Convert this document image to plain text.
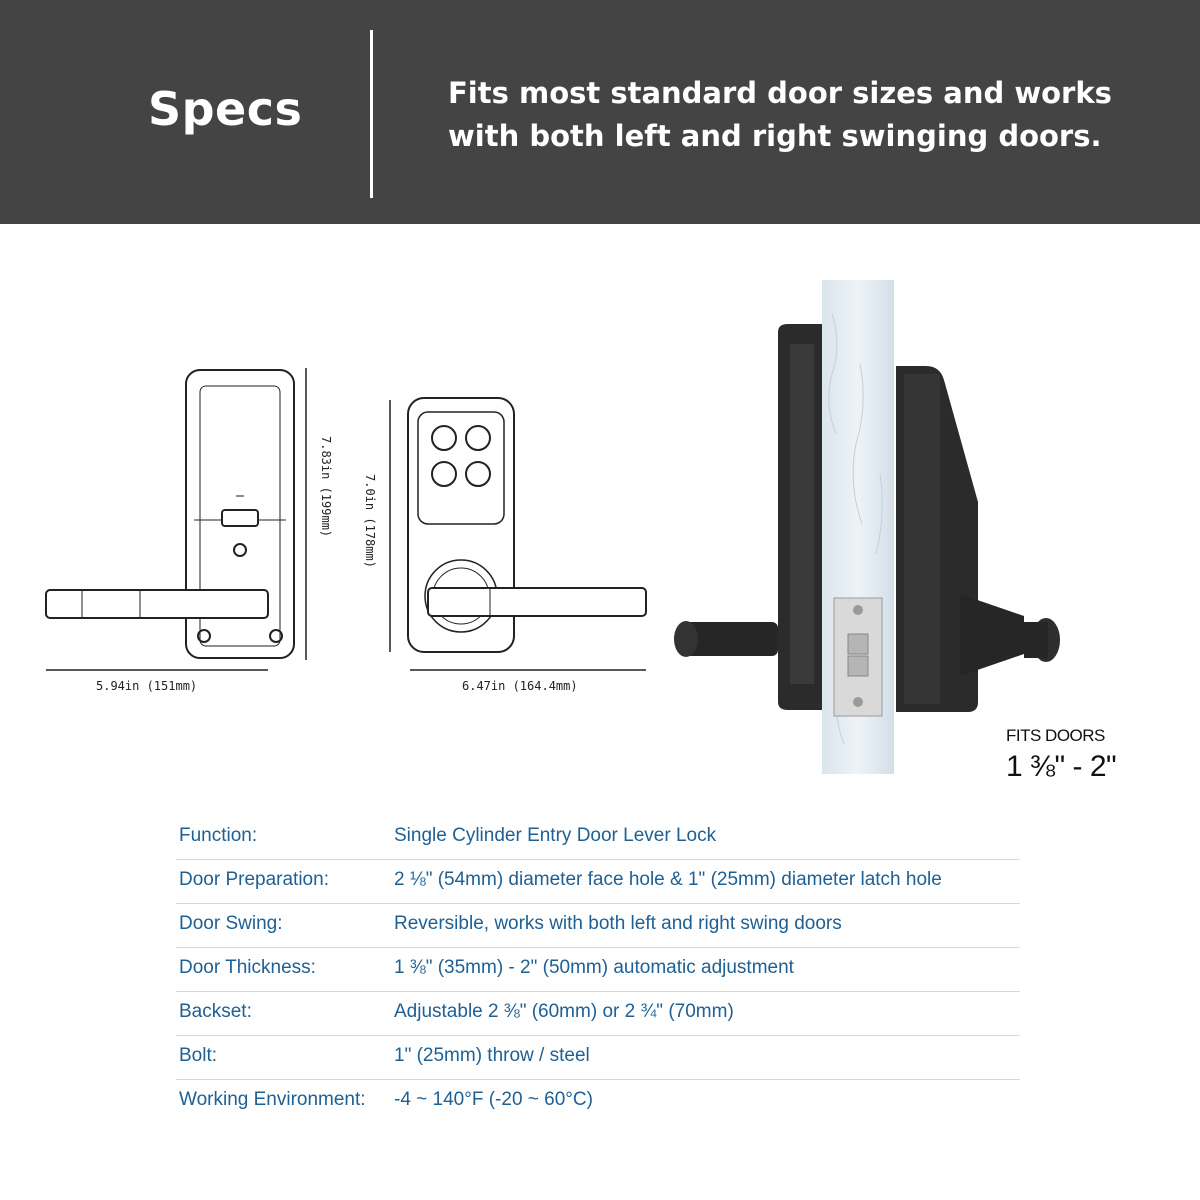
Specs	Fits most standard door sizes and works with both left and right swinging doors.
7.83in (199mm)
5.94in (151mm)
7.0in (178mm)
6.47in (164.4mm)
FITS DOORS
1 ⅜" - 2"
Function:	Single Cylinder Entry Door Lever Lock
Door Preparation:	2 ⅛" (54mm) diameter face hole & 1" (25mm) diameter latch hole
Door Swing:	Reversible, works with both left and right swing doors
Door Thickness:	1 ⅜" (35mm) - 2" (50mm) automatic adjustment
Backset:	Adjustable 2 ⅜" (60mm) or 2 ¾" (70mm)
Bolt:	1" (25mm) throw / steel
Working Environment: -4 ~ 140°F (-20 ~ 60°C)
